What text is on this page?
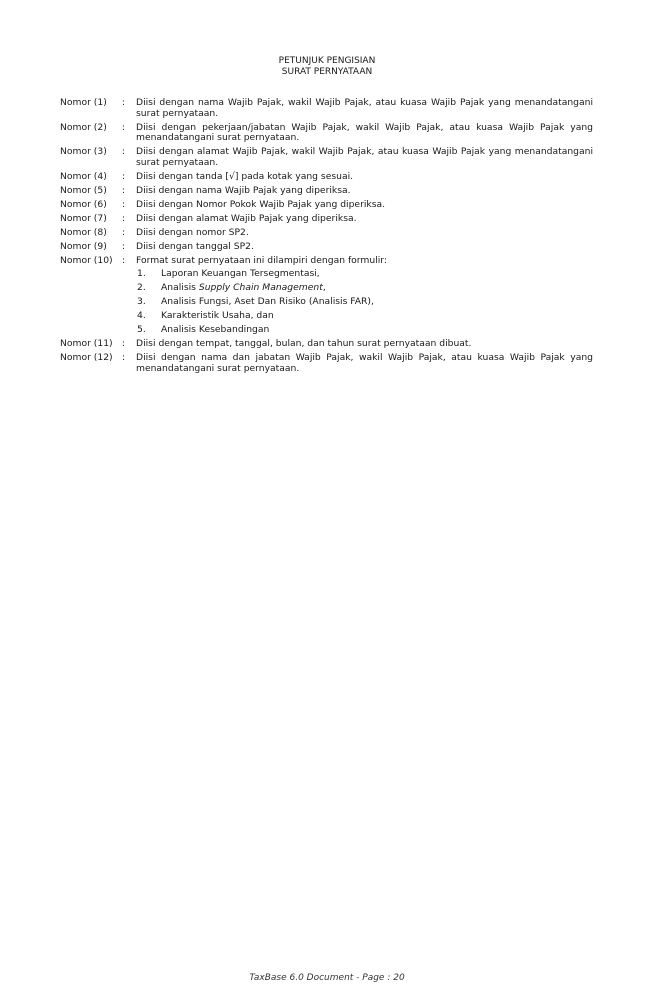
PETUNJUK PENGISIAN
SURAT PERNYATAAN
Nomor (1)	:	Diisi dengan nama Wajib Pajak, wakil Wajib Pajak, atau kuasa Wajib Pajak yang menandatangani surat pernyataan.
Nomor (2)	:	Diisi dengan pekerjaan/jabatan Wajib Pajak, wakil Wajib Pajak, atau kuasa Wajib Pajak yang menandatangani surat pernyataan.
Nomor (3)	:	Diisi dengan alamat Wajib Pajak, wakil Wajib Pajak, atau kuasa Wajib Pajak yang menandatangani surat pernyataan.
Nomor (4)	:	Diisi dengan tanda [√] pada kotak yang sesuai.
Nomor (5)	:	Diisi dengan nama Wajib Pajak yang diperiksa.
Nomor (6)	:	Diisi dengan Nomor Pokok Wajib Pajak yang diperiksa.
Nomor (7)	:	Diisi dengan alamat Wajib Pajak yang diperiksa.
Nomor (8)	:	Diisi dengan nomor SP2.
Nomor (9)	:	Diisi dengan tanggal SP2.
Nomor (10)	:	Format surat pernyataan ini dilampiri dengan formulir:
1.	Laporan Keuangan Tersegmentasi,
2.	Analisis Supply Chain Management,
3.	Analisis Fungsi, Aset Dan Risiko (Analisis FAR),
4.	Karakteristik Usaha, dan
5.	Analisis Kesebandingan
Nomor (11)	:	Diisi dengan tempat, tanggal, bulan, dan tahun surat pernyataan dibuat.
Nomor (12)	:	Diisi dengan nama dan jabatan Wajib Pajak, wakil Wajib Pajak, atau kuasa Wajib Pajak yang menandatangani surat pernyataan.
TaxBase 6.0 Document - Page : 20
